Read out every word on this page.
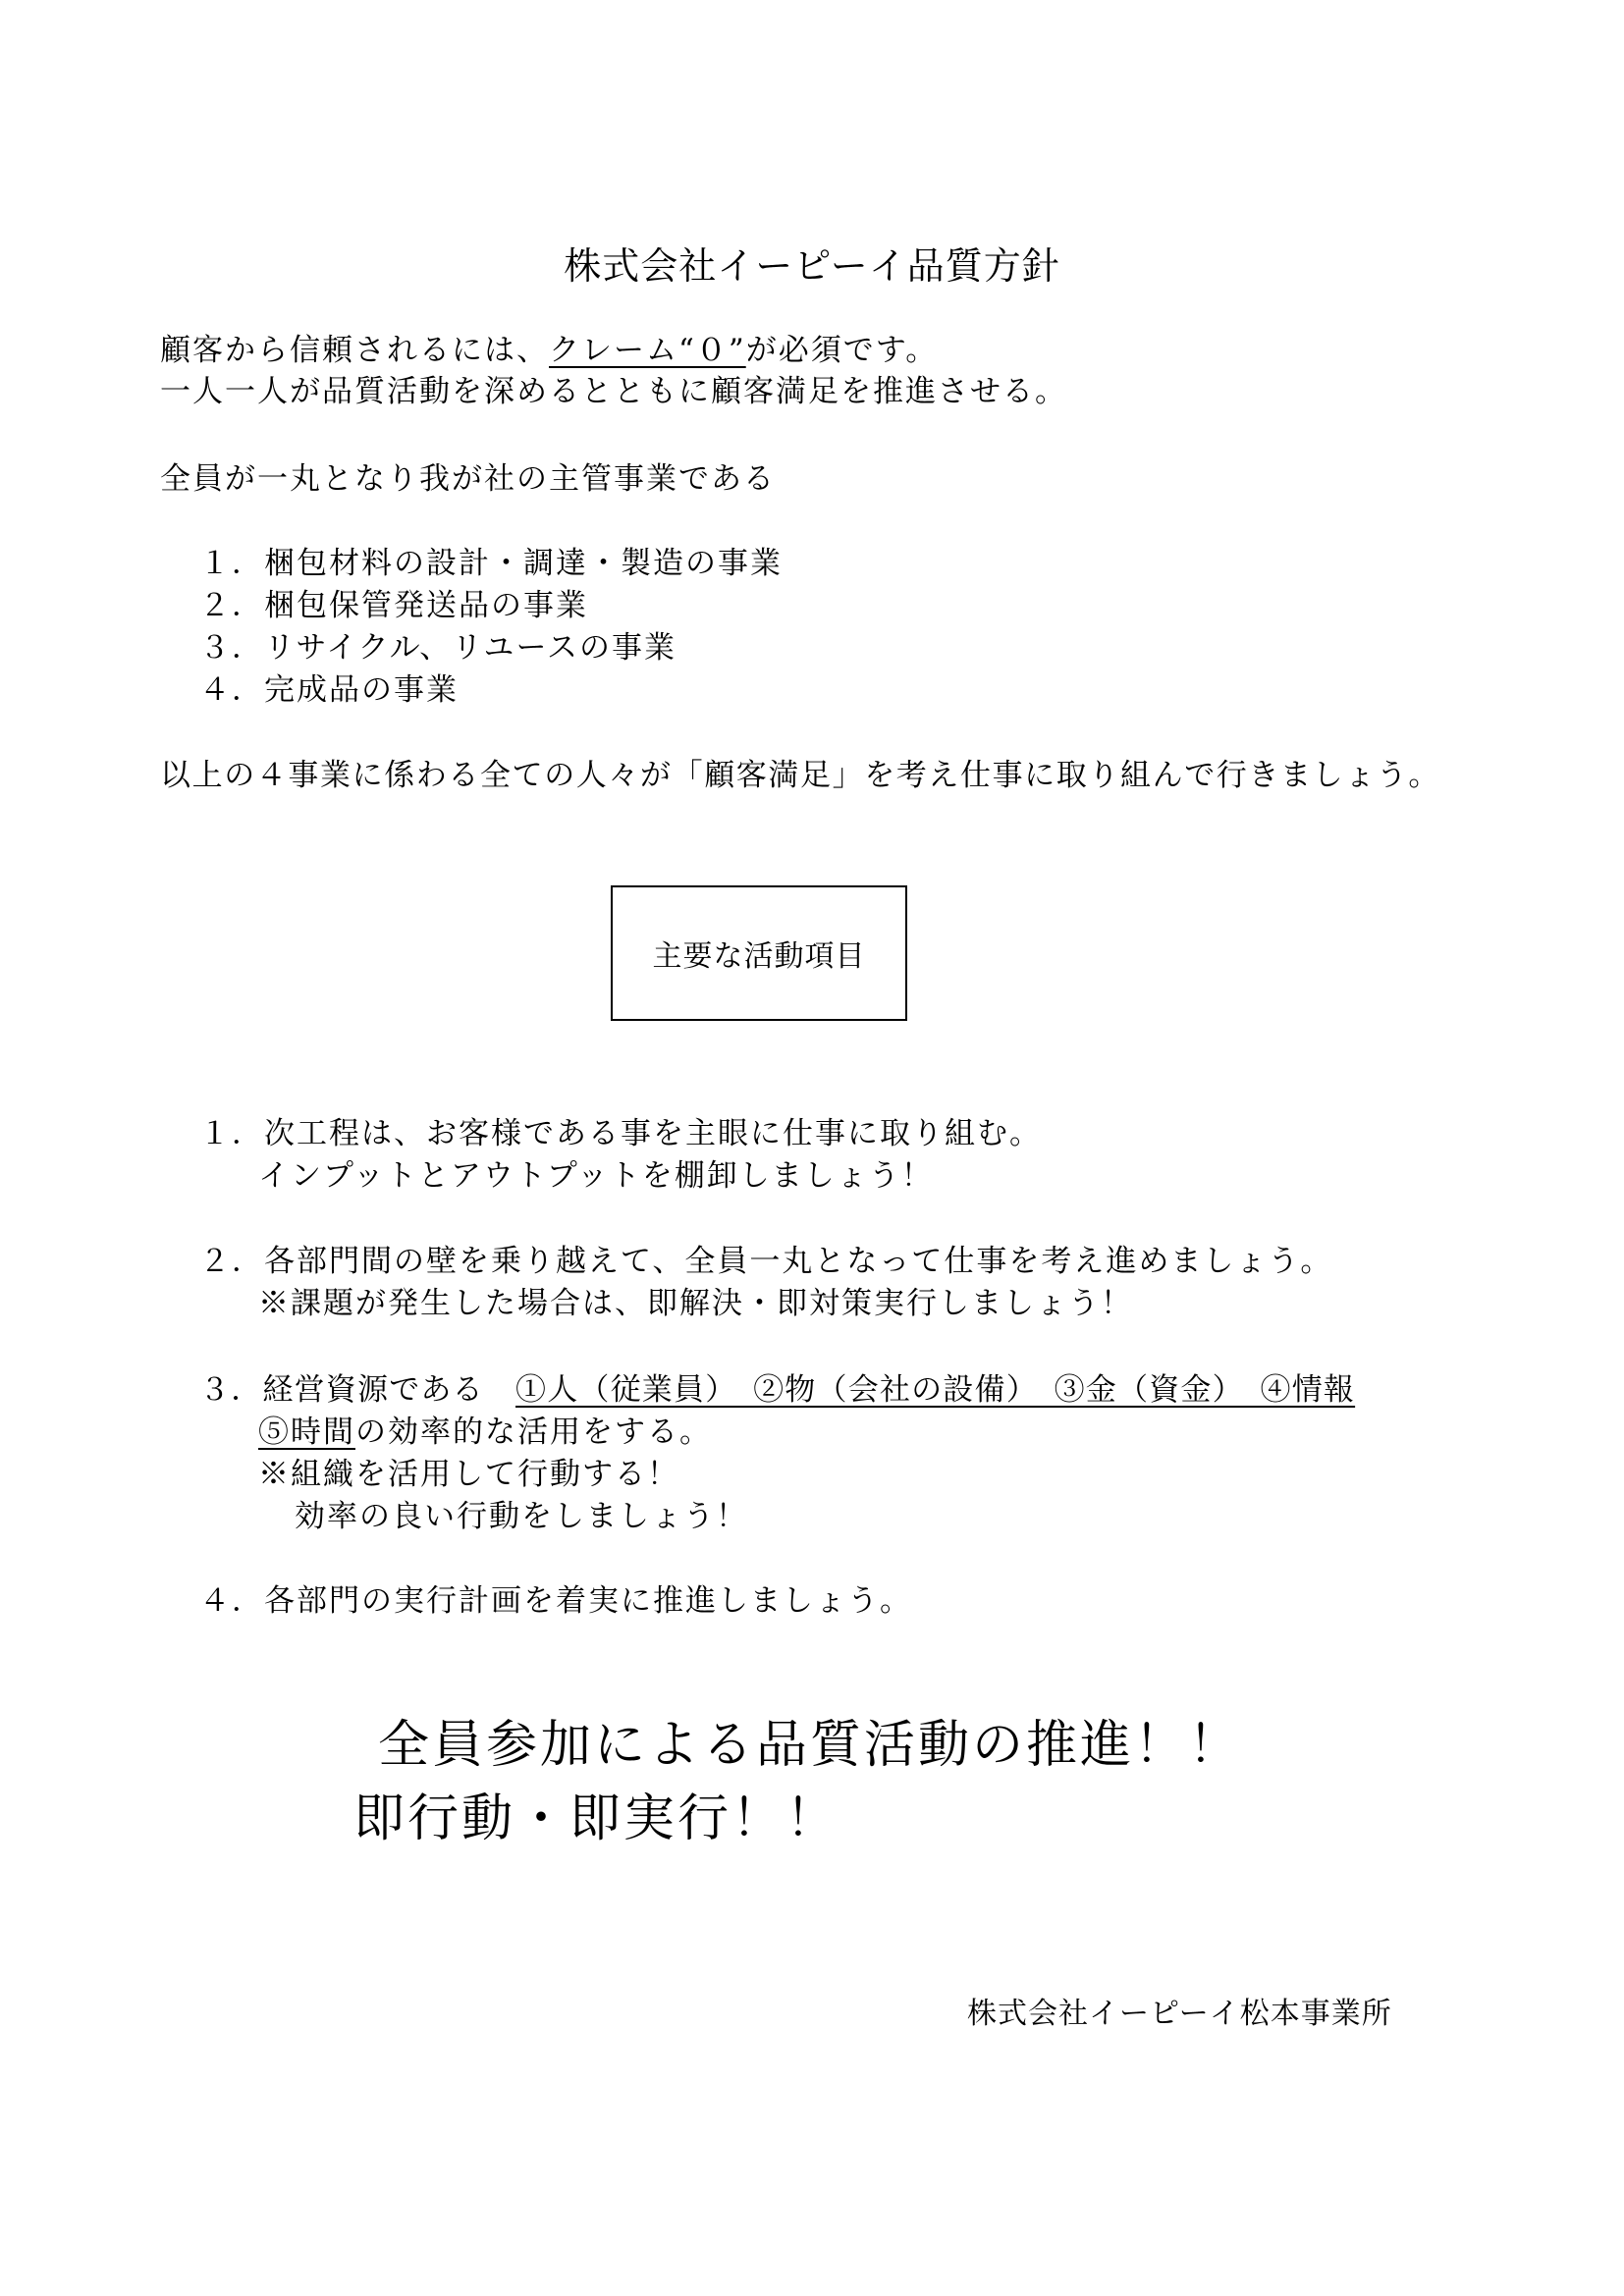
株式会社イーピーイ品質方針
顧客から信頼されるには、クレーム“０”が必須です。
一人一人が品質活動を深めるとともに顧客満足を推進させる。
全員が一丸となり我が社の主管事業である
１．梱包材料の設計・調達・製造の事業
２．梱包保管発送品の事業
３．リサイクル、リユースの事業
４．完成品の事業
以上の４事業に係わる全ての人々が「顧客満足」を考え仕事に取り組んで行きましょう。
主要な活動項目
１．次工程は、お客様である事を主眼に仕事に取り組む。
インプットとアウトプットを棚卸しましょう！
２．各部門間の壁を乗り越えて、全員一丸となって仕事を考え進めましょう。
※課題が発生した場合は、即解決・即対策実行しましょう！
３．経営資源である　①人（従業員）　②物（会社の設備）　③金（資金）　④情報
⑤時間の効率的な活用をする。
※組織を活用して行動する！
効率の良い行動をしましょう！
４．各部門の実行計画を着実に推進しましょう。
全員参加による品質活動の推進！！
即行動・即実行！！
株式会社イーピーイ松本事業所
